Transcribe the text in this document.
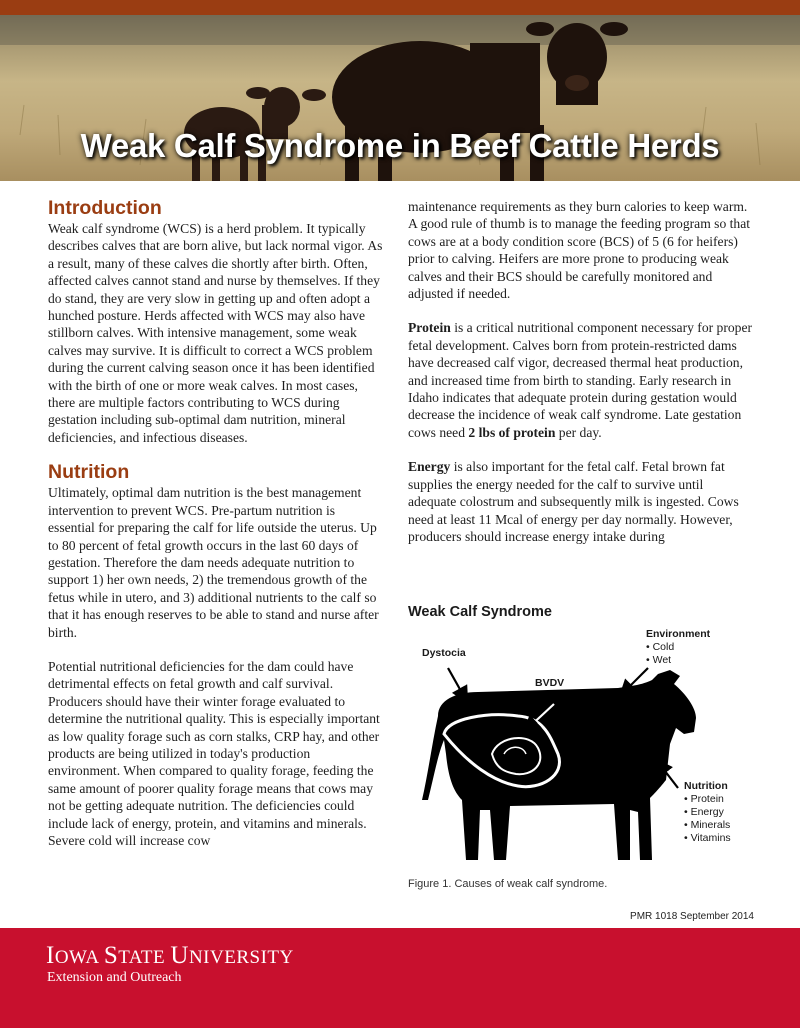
Weak Calf Syndrome in Beef Cattle Herds
Introduction

Weak calf syndrome (WCS) is a herd problem. It typically describes calves that are born alive, but lack normal vigor. As a result, many of these calves die shortly after birth. Often, affected calves cannot stand and nurse by themselves. If they do stand, they are very slow in getting up and often adopt a hunched posture. Herds affected with WCS may also have stillborn calves. With intensive management, some weak calves may survive. It is difficult to correct a WCS problem during the current calving season once it has been identified with the birth of one or more weak calves. In most cases, there are multiple factors contributing to WCS during gestation including sub-optimal dam nutrition, mineral deficiencies, and infectious diseases.

Nutrition

Ultimately, optimal dam nutrition is the best management intervention to prevent WCS. Pre-partum nutrition is essential for preparing the calf for life outside the uterus. Up to 80 percent of fetal growth occurs in the last 60 days of gestation. Therefore the dam needs adequate nutrition to support 1) her own needs, 2) the tremendous growth of the fetus while in utero, and 3) additional nutrients to the calf so that it has enough reserves to be able to stand and nurse after birth.

Potential nutritional deficiencies for the dam could have detrimental effects on fetal growth and calf survival. Producers should have their winter forage evaluated to determine the nutritional quality. This is especially important as low quality forage such as corn stalks, CRP hay, and other products are being utilized in today's production environment. When compared to quality forage, feeding the same amount of poorer quality forage means that cows may not be getting adequate nutrition. The deficiencies could include lack of energy, protein, and vitamins and minerals. Severe cold will increase cow

maintenance requirements as they burn calories to keep warm. A good rule of thumb is to manage the feeding program so that cows are at a body condition score (BCS) of 5 (6 for heifers) prior to calving. Heifers are more prone to producing weak calves and their BCS should be carefully monitored and adjusted if needed.

Protein is a critical nutritional component necessary for proper fetal development. Calves born from protein-restricted dams have decreased calf vigor, decreased thermal heat production, and increased time from birth to standing. Early research in Idaho indicates that adequate protein during gestation would decrease the incidence of weak calf syndrome. Late gestation cows need 2 lbs of protein per day.

Energy is also important for the fetal calf. Fetal brown fat supplies the energy needed for the calf to survive until adequate colostrum and subsequently milk is ingested. Cows need at least 11 Mcal of energy per day normally. However, producers should increase energy intake during

Weak Calf Syndrome
Dystocia
BVDV
Environment
• Cold
• Wet
Nutrition
• Protein
• Energy
• Minerals
• Vitamins
Figure 1. Causes of weak calf syndrome.
PMR 1018 September 2014
IOWA STATE UNIVERSITY
Extension and Outreach
